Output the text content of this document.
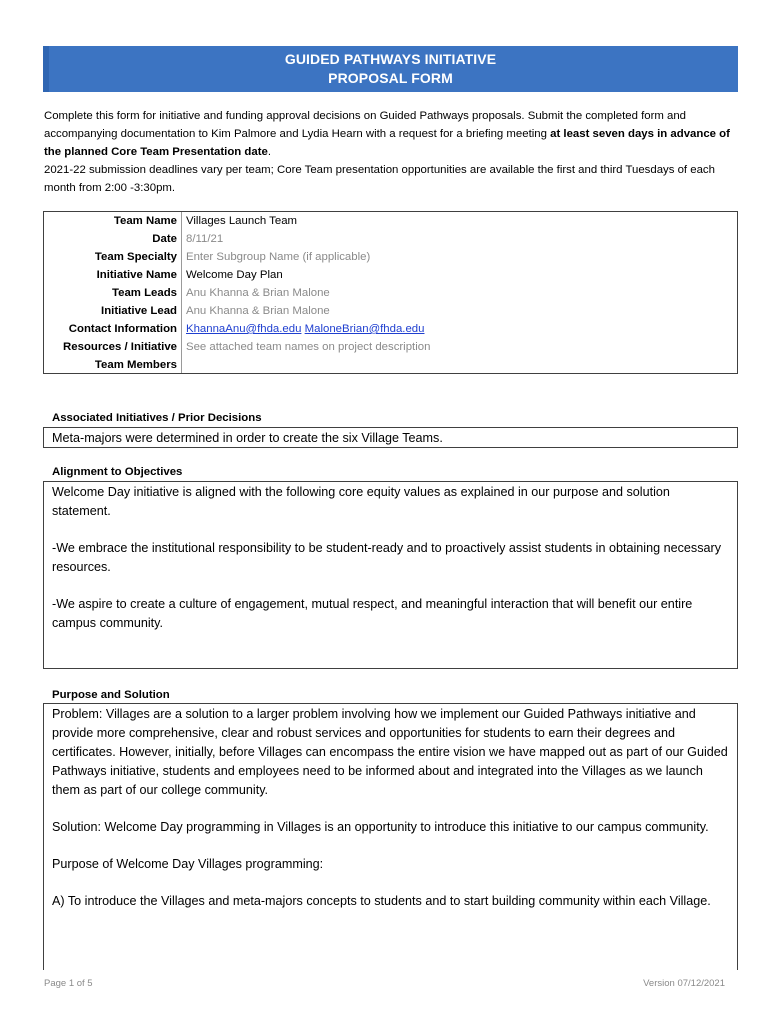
GUIDED PATHWAYS INITIATIVE
PROPOSAL FORM

Complete this form for initiative and funding approval decisions on Guided Pathways proposals. Submit the completed form and accompanying documentation to Kim Palmore and Lydia Hearn with a request for a briefing meeting at least seven days in advance of the planned Core Team Presentation date.

2021-22 submission deadlines vary per team; Core Team presentation opportunities are available the first and third Tuesdays of each month from 2:00 -3:30pm.

Team Name Villages Launch Team
Date 8/11/21
Team Specialty Enter Subgroup Name (if applicable)
Initiative Name Welcome Day Plan
Team Leads Anu Khanna & Brian Malone
Initiative Lead Anu Khanna & Brian Malone
Contact Information KhannaAnu@fhda.edu MaloneBrian@fhda.edu
Resources / Initiative
Team Members
See attached team names on project description
Associated Initiatives / Prior Decisions

Meta-majors were determined in order to create the six Village Teams.

Alignment to Objectives

Welcome Day initiative is aligned with the following core equity values as explained in our purpose and solution statement.

-We embrace the institutional responsibility to be student-ready and to proactively assist students in obtaining necessary resources.

-We aspire to create a culture of engagement, mutual respect, and meaningful interaction that will benefit our entire campus community.

Purpose and Solution

Problem: Villages are a solution to a larger problem involving how we implement our Guided Pathways initiative and provide more comprehensive, clear and robust services and opportunities for students to earn their degrees and certificates. However, initially, before Villages can encompass the entire vision we have mapped out as part of our Guided Pathways initiative, students and employees need to be informed about and integrated into the Villages as we launch them as part of our college community.

Solution: Welcome Day programming in Villages is an opportunity to introduce this initiative to our campus community.

Purpose of Welcome Day Villages programming:

A) To introduce the Villages and meta-majors concepts to students and to start building community within each Village.

Page 1 of 5	Version 07/12/2021
